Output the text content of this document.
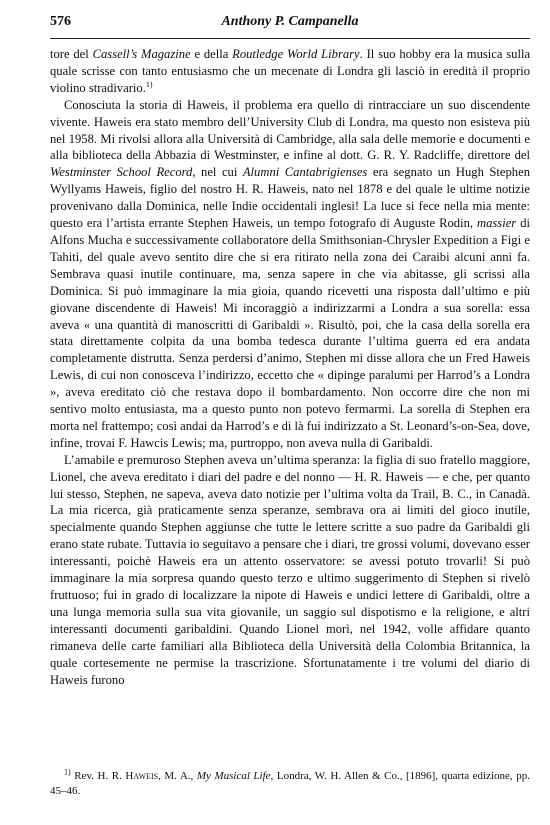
576	Anthony P. Campanella

tore del Cassell’s Magazine e della Routledge World Library. Il suo hobby era la musica sulla quale scrisse con tanto entusiasmo che un mecenate di Londra gli lasciò in eredità il proprio violino stradivario.$^{1)}$

Conosciuta la storia di Haweis, il problema era quello di rintracciare un suo discendente vivente. Haweis era stato membro dell’University Club di Londra, ma questo non esisteva più nel 1958. Mi rivolsi allora alla Università di Cambridge, alla sala delle memorie e documenti e alla biblioteca della Abbazia di Westminster, e infine al dott. G. R. Y. Radcliffe, direttore del Westminster School Record, nel cui Alumni Cantabrigienses era segnato un Hugh Stephen Wyllyams Haweis, figlio del nostro H. R. Haweis, nato nel 1878 e del quale le ultime notizie provenivano dalla Dominica, nelle Indie occidentali inglesi! La luce si fece nella mia mente: questo era l’artista errante Stephen Haweis, un tempo fotografo di Auguste Rodin, massier di Alfons Mucha e successivamente collaboratore della Smithsonian-Chrysler Expedition a Figi e Tahiti, del quale avevo sentito dire che si era ritirato nella zona dei Caraibi alcuni anni fa. Sembrava quasi inutile continuare, ma, senza sapere in che via abitasse, gli scrissi alla Dominica. Si può immaginare la mia gioia, quando ricevetti una risposta dall’ultimo e più giovane discendente di Haweis! Mi incoraggiò a indirizzarmi a Londra a sua sorella: essa aveva « una quantità di manoscritti di Garibaldi ». Risultò, poi, che la casa della sorella era stata direttamente colpita da una bomba tedesca durante l’ultima guerra ed era andata completamente distrutta. Senza perdersi d’animo, Stephen mi disse allora che un Fred Haweis Lewis, di cui non conosceva l’indirizzo, eccetto che « dipinge paralumi per Harrod’s a Londra », aveva ereditato ciò che restava dopo il bombardamento. Non occorre dire che non mi sentivo molto entusiasta, ma a questo punto non potevo fermarmi. La sorella di Stephen era morta nel frattempo; così andai da Harrod’s e di là fui indirizzato a St. Leonard’s-on-Sea, dove, infine, trovai F. Hawcis Lewis; ma, purtroppo, non aveva nulla di Garibaldi.

L’amabile e premuroso Stephen aveva un’ultima speranza: la figlia di suo fratello maggiore, Lionel, che aveva ereditato i diari del padre e del nonno — H. R. Haweis — e che, per quanto lui stesso, Stephen, ne sapeva, aveva dato notizie per l’ultima volta da Trail, B. C., in Canadà. La mia ricerca, già praticamente senza speranze, sembrava ora ai limiti del gioco inutile, specialmente quando Stephen aggiunse che tutte le lettere scritte a suo padre da Garibaldi gli erano state rubate. Tuttavia io seguitavo a pensare che i diari, tre grossi volumi, dovevano esser interessanti, poichè Haweis era un attento osservatore: se avessi potuto trovarli! Si può immaginare la mia sorpresa quando questo terzo e ultimo suggerimento di Stephen si rivelò fruttuoso; fui in grado di localizzare la nipote di Haweis e undici lettere di Garibaldi, oltre a una lunga memoria sulla sua vita giovanile, un saggio sul dispotismo e la religione, e altri interessanti documenti garibaldini. Quando Lionel morì, nel 1942, volle affidare quanto rimaneva delle carte familiari alla Biblioteca della Università della Colombia Britannica, la quale cortesemente ne permise la trascrizione. Sfortunatamente i tre volumi del diario di Haweis furono

$^{1)}$ Rev. H. R. Haweis, M. A., My Musical Life, Londra, W. H. Allen & Co., [1896], quarta edizione, pp. 45–46.
